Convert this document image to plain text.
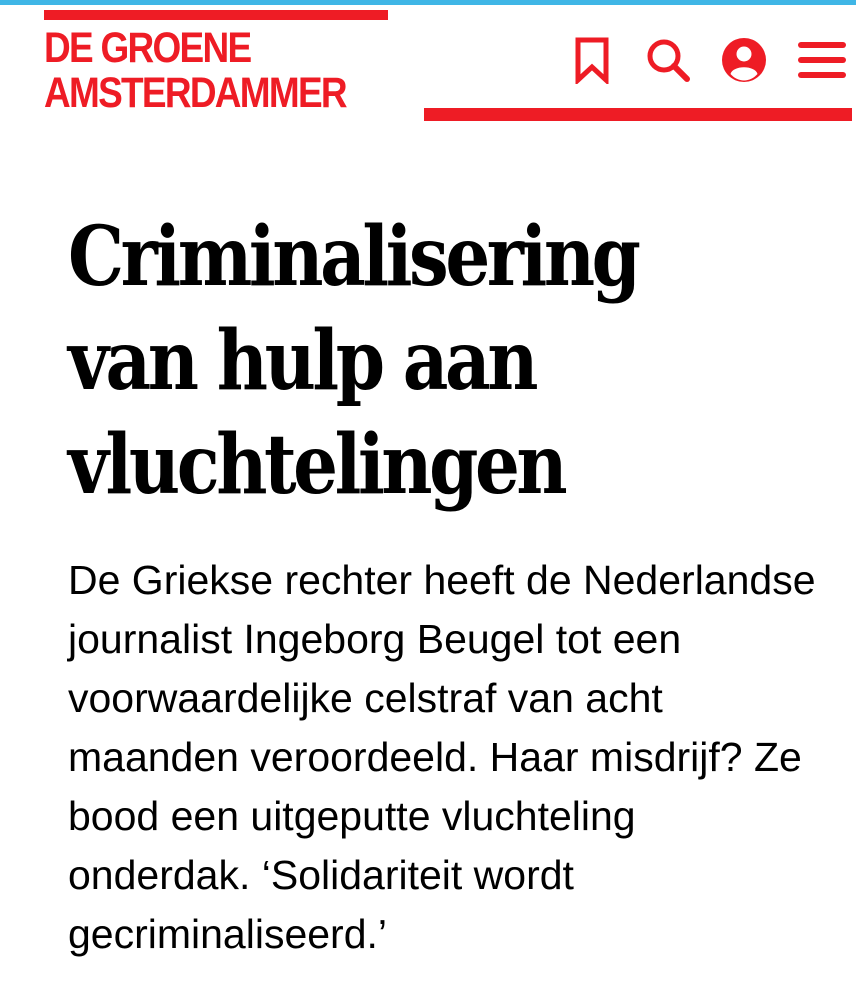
DE GROENE
AMSTERDAMMER
Criminalisering
van hulp aan
vluchtelingen

De Griekse rechter heeft de Nederlandse
journalist Ingeborg Beugel tot een
voorwaardelijke celstraf van acht
maanden veroordeeld. Haar misdrijf? Ze
bood een uitgeputte vluchteling
onderdak. ‘Solidariteit wordt
gecriminaliseerd.’
